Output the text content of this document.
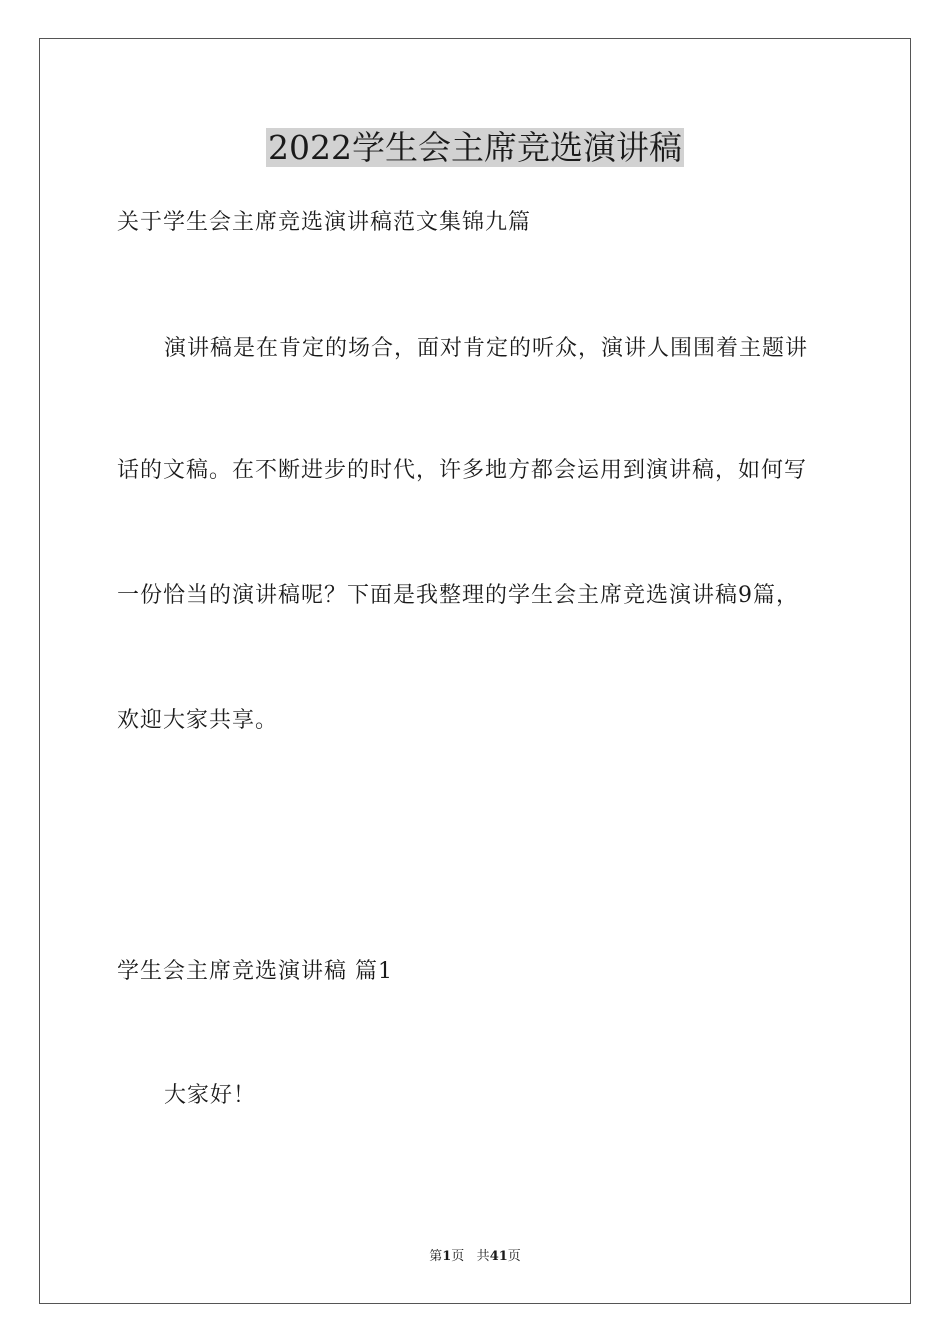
2022学生会主席竞选演讲稿
关于学生会主席竞选演讲稿范文集锦九篇
演讲稿是在肯定的场合，面对肯定的听众，演讲人围围着主题讲
话的文稿。在不断进步的时代，许多地方都会运用到演讲稿，如何写
一份恰当的演讲稿呢？下面是我整理的学生会主席竞选演讲稿9篇，
欢迎大家共享。
学生会主席竞选演讲稿 篇1
大家好！
第1页 共41页
